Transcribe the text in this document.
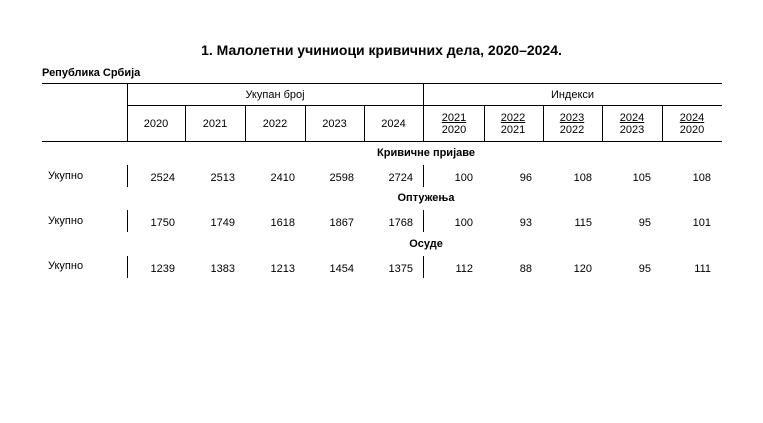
1. Малолетни учиниоци кривичних дела, 2020–2024.
Република Србија
Укупан број	Индекси
2020	2021	2022	2023	2024	$\frac{2021}{2020} \frac{2022}{2021} \frac{2023}{2022} \frac{2024}{2023} \frac{2024}{2020}$
Кривичне пријаве
Укупно	2524	2513	2410	2598	2724	100	96	108	105	108
Оптужења
Укупно	1750	1749	1618	1867	1768	100	93	115	95	101
Осуде
Укупно	1239	1383	1213	1454	1375	112	88	120	95	111
